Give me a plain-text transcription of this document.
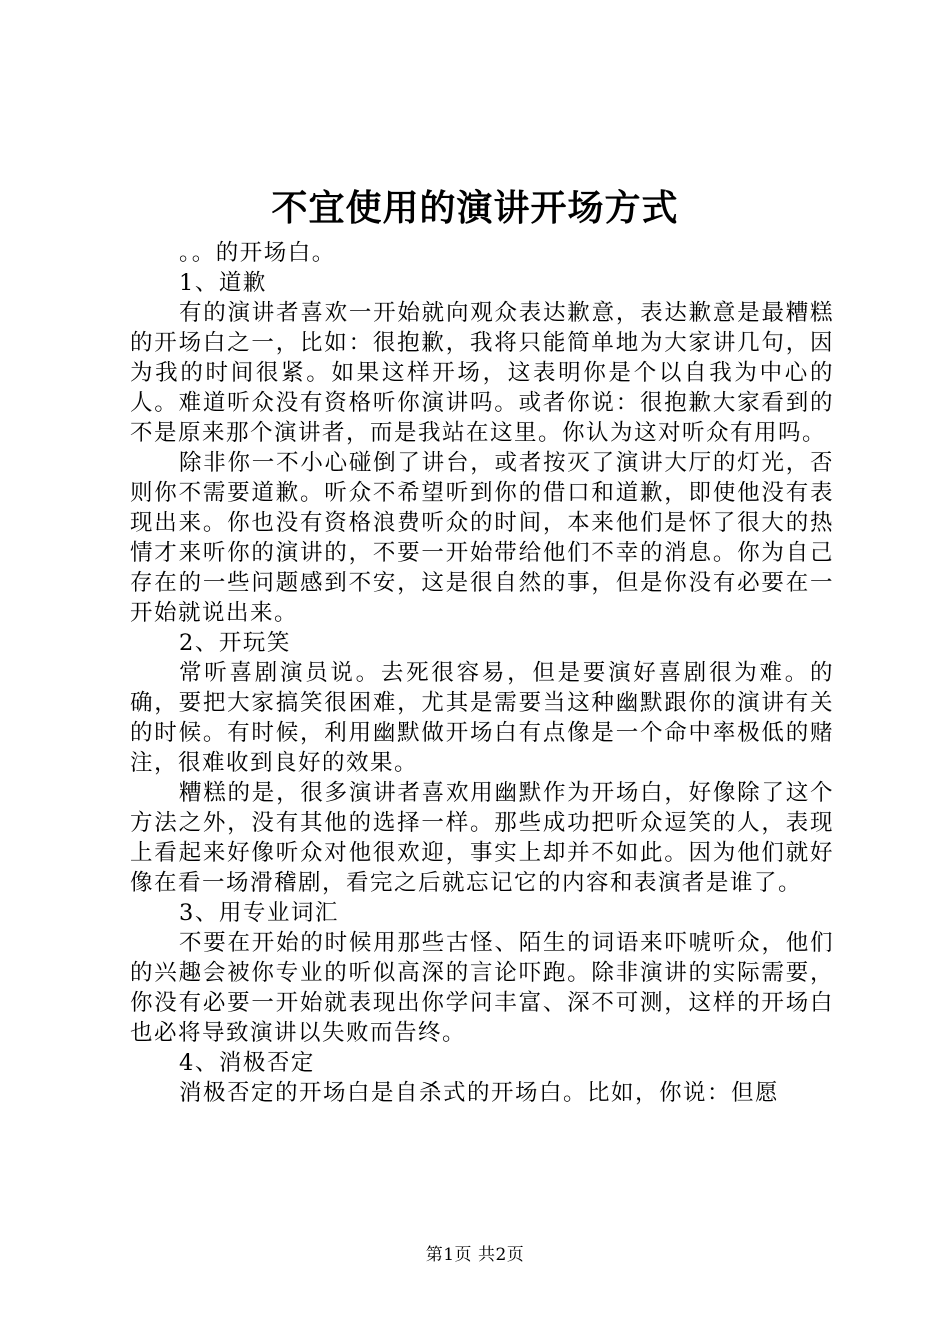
不宜使用的演讲开场方式

。。的开场白。

1、道歉

有的演讲者喜欢一开始就向观众表达歉意，表达歉意是最糟糕的开场白之一，比如：很抱歉，我将只能简单地为大家讲几句，因为我的时间很紧。如果这样开场，这表明你是个以自我为中心的人。难道听众没有资格听你演讲吗。或者你说：很抱歉大家看到的不是原来那个演讲者，而是我站在这里。你认为这对听众有用吗。

除非你一不小心碰倒了讲台，或者按灭了演讲大厅的灯光，否则你不需要道歉。听众不希望听到你的借口和道歉，即使他没有表现出来。你也没有资格浪费听众的时间，本来他们是怀了很大的热情才来听你的演讲的，不要一开始带给他们不幸的消息。你为自己存在的一些问题感到不安，这是很自然的事，但是你没有必要在一开始就说出来。

2、开玩笑

常听喜剧演员说。去死很容易，但是要演好喜剧很为难。的确，要把大家搞笑很困难，尤其是需要当这种幽默跟你的演讲有关的时候。有时候，利用幽默做开场白有点像是一个命中率极低的赌注，很难收到良好的效果。

糟糕的是，很多演讲者喜欢用幽默作为开场白，好像除了这个方法之外，没有其他的选择一样。那些成功把听众逗笑的人，表现上看起来好像听众对他很欢迎，事实上却并不如此。因为他们就好像在看一场滑稽剧，看完之后就忘记它的内容和表演者是谁了。

3、用专业词汇

不要在开始的时候用那些古怪、陌生的词语来吓唬听众，他们的兴趣会被你专业的听似高深的言论吓跑。除非演讲的实际需要，你没有必要一开始就表现出你学问丰富、深不可测，这样的开场白也必将导致演讲以失败而告终。

4、消极否定

消极否定的开场白是自杀式的开场白。比如，你说：但愿

第1页 共2页
